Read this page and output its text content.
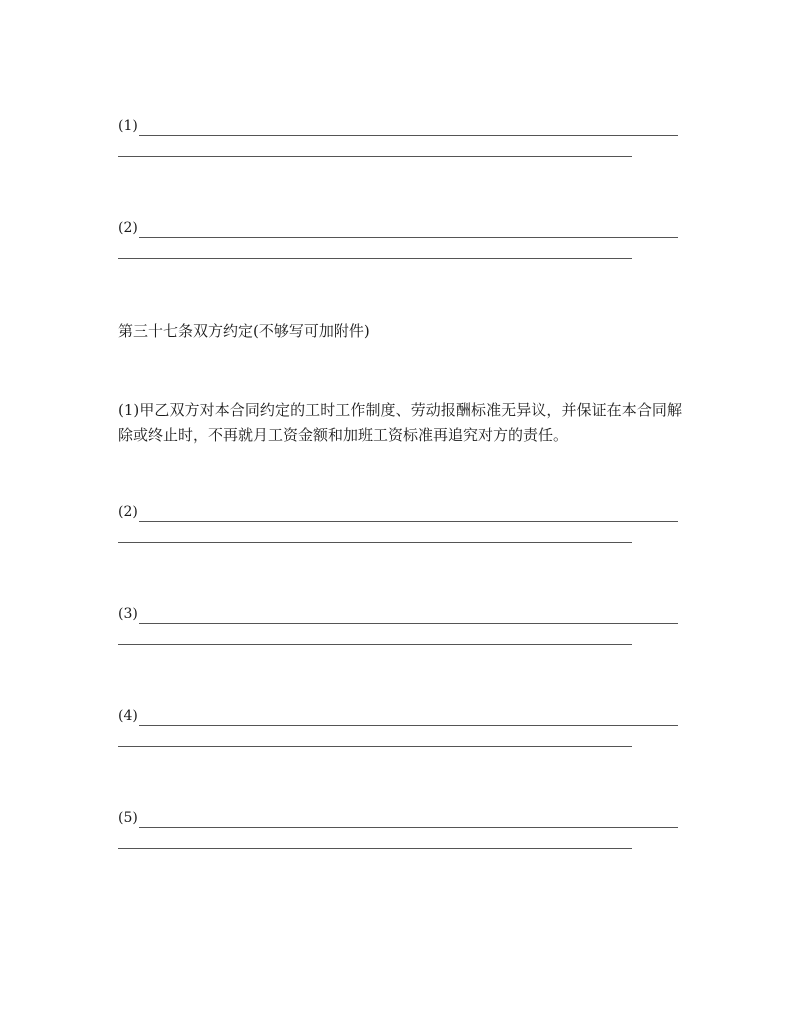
(1)
(2)
第三十七条双方约定(不够写可加附件)
(1)甲乙双方对本合同约定的工时工作制度、劳动报酬标准无异议，并保证在本合同解除或终止时，不再就月工资金额和加班工资标准再追究对方的责任。
(2)
(3)
(4)
(5)
